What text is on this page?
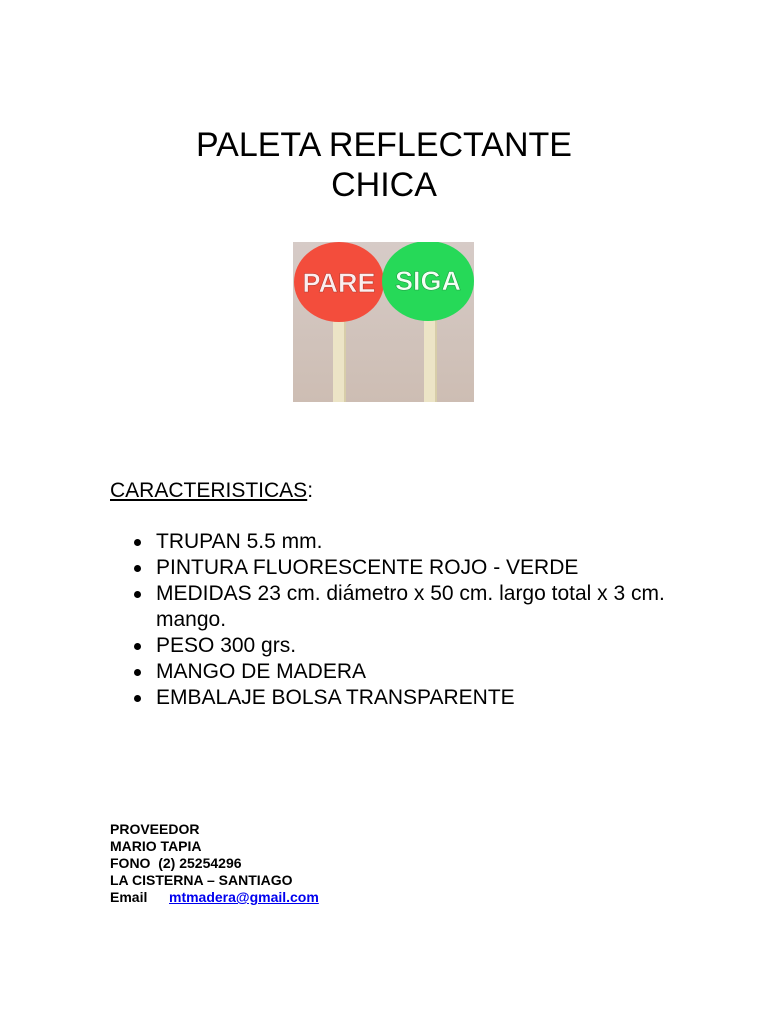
PALETA REFLECTANTE
CHICA
PARE SIGA
CARACTERISTICAS:
TRUPAN 5.5 mm.
PINTURA FLUORESCENTE ROJO - VERDE
MEDIDAS 23 cm. diámetro x 50 cm. largo total x 3 cm. mango.
PESO 300 grs.
MANGO DE MADERA
EMBALAJE BOLSA TRANSPARENTE
PROVEEDOR
MARIO TAPIA
FONO  (2) 25254296
LA CISTERNA – SANTIAGO
Email mtmadera@gmail.com
